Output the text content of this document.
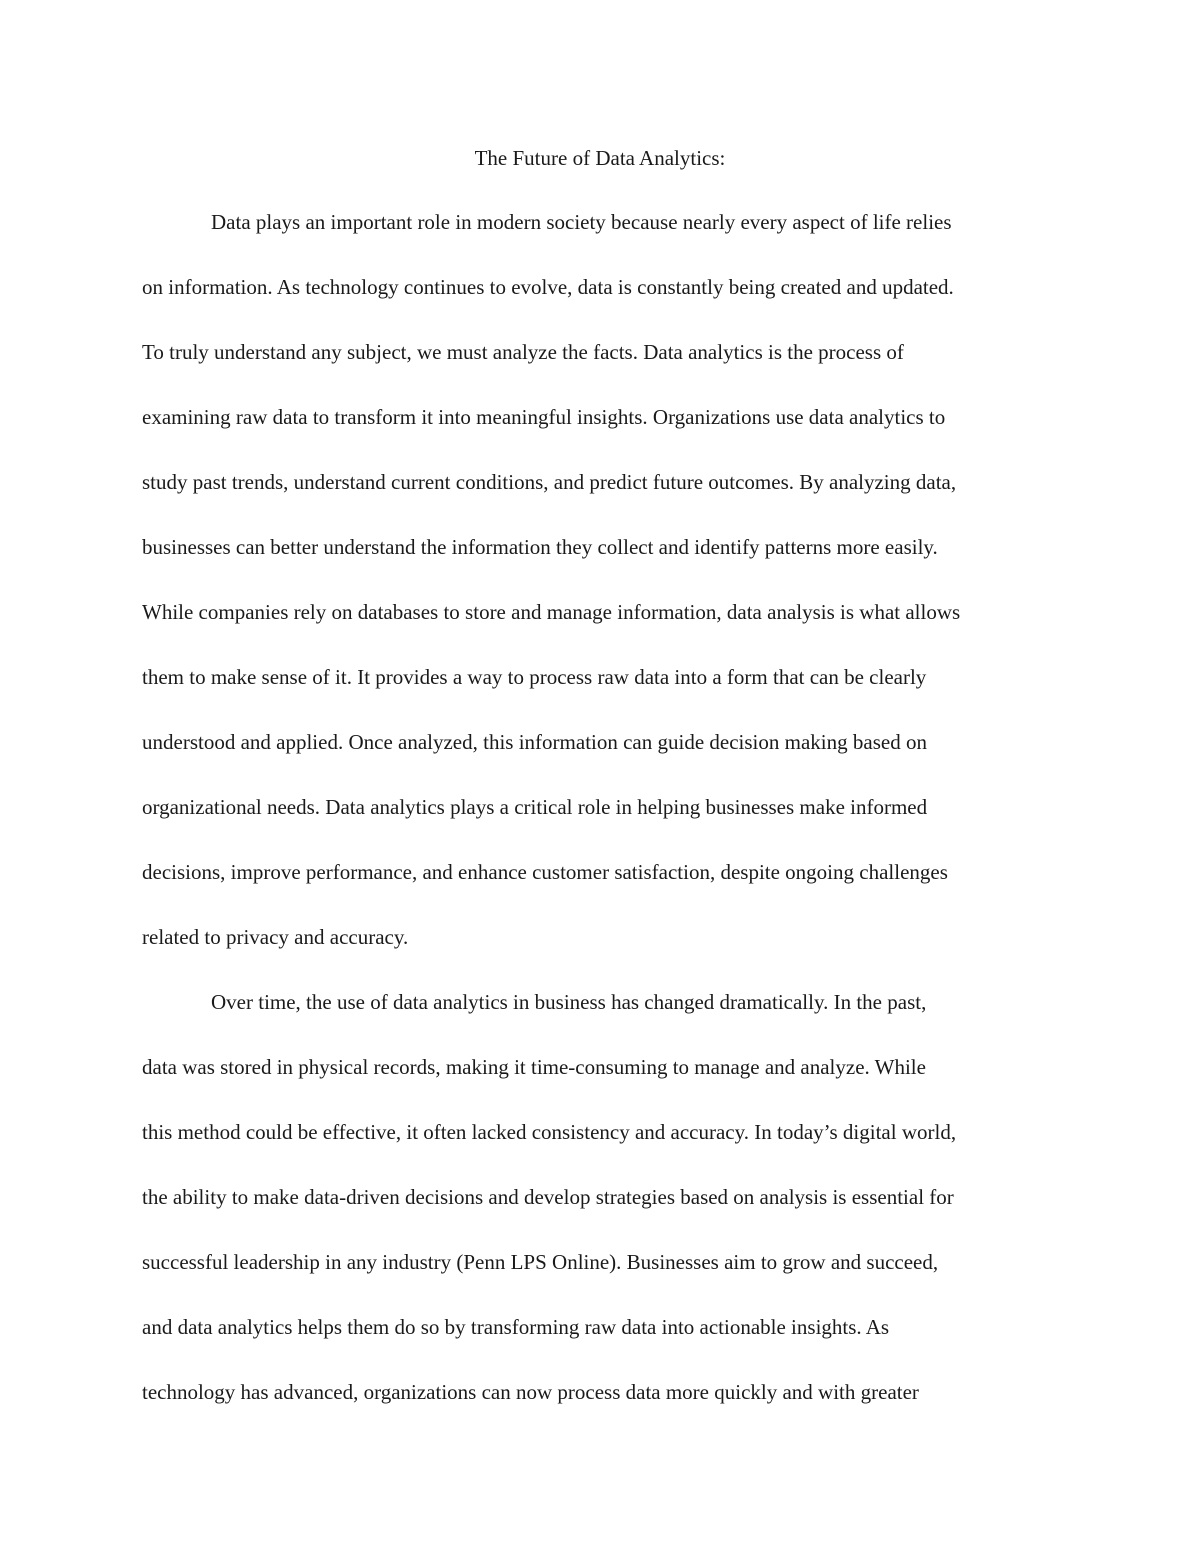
The Future of Data Analytics:
Data plays an important role in modern society because nearly every aspect of life relies
on information. As technology continues to evolve, data is constantly being created and updated.
To truly understand any subject, we must analyze the facts. Data analytics is the process of
examining raw data to transform it into meaningful insights. Organizations use data analytics to
study past trends, understand current conditions, and predict future outcomes. By analyzing data,
businesses can better understand the information they collect and identify patterns more easily.
While companies rely on databases to store and manage information, data analysis is what allows
them to make sense of it. It provides a way to process raw data into a form that can be clearly
understood and applied. Once analyzed, this information can guide decision making based on
organizational needs. Data analytics plays a critical role in helping businesses make informed
decisions, improve performance, and enhance customer satisfaction, despite ongoing challenges
related to privacy and accuracy.
Over time, the use of data analytics in business has changed dramatically. In the past,
data was stored in physical records, making it time-consuming to manage and analyze. While
this method could be effective, it often lacked consistency and accuracy. In today’s digital world,
the ability to make data-driven decisions and develop strategies based on analysis is essential for
successful leadership in any industry (Penn LPS Online). Businesses aim to grow and succeed,
and data analytics helps them do so by transforming raw data into actionable insights. As
technology has advanced, organizations can now process data more quickly and with greater
